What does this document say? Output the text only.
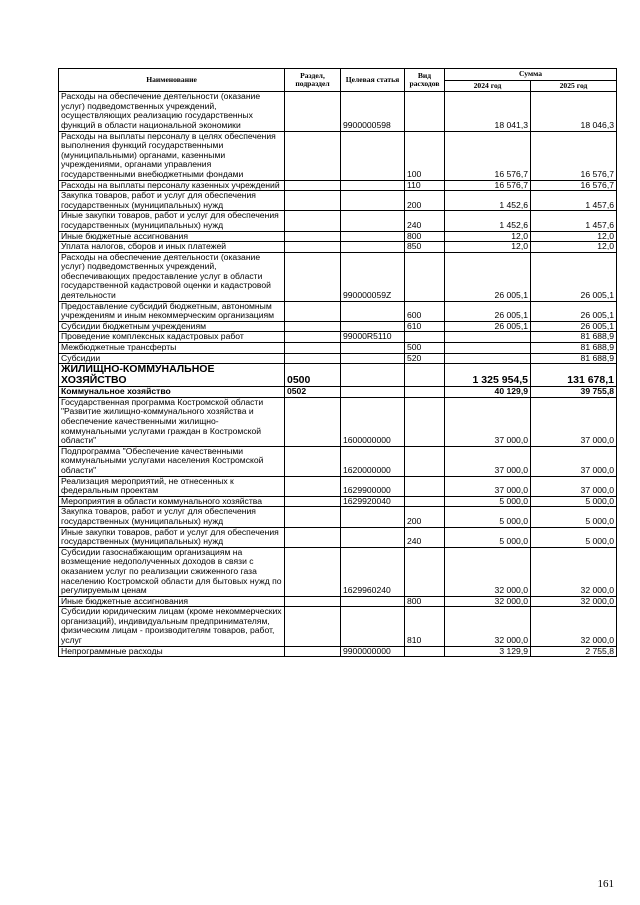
Наименование	Раздел, подраздел	Целевая статья	Вид расходов	Сумма	
				2024 год	2025 год
Расходы на обеспечение деятельности (оказание услуг) подведомственных учреждений, осуществляющих реализацию государственных функций в области национальной экономики		9900000598		18 041,3	18 046,3
Расходы на выплаты персоналу в целях обеспечения выполнения функций государственными (муниципальными) органами, казенными учреждениями, органами управления государственными внебюджетными фондами			100	16 576,7	16 576,7
Расходы на выплаты персоналу казенных учреждений			110	16 576,7	16 576,7
Закупка товаров, работ и услуг для обеспечения государственных (муниципальных) нужд			200	1 452,6	1 457,6
Иные закупки товаров, работ и услуг для обеспечения государственных (муниципальных) нужд			240	1 452,6	1 457,6
Иные бюджетные ассигнования			800	12,0	12,0
Уплата налогов, сборов и иных платежей			850	12,0	12,0
Расходы на обеспечение деятельности (оказание услуг) подведомственных учреждений, обеспечивающих предоставление услуг в области государственной кадастровой оценки и кадастровой деятельности		990000059Z		26 005,1	26 005,1
Предоставление субсидий бюджетным, автономным учреждениям и иным некоммерческим организациям			600	26 005,1	26 005,1
Субсидии бюджетным учреждениям			610	26 005,1	26 005,1
Проведение комплексных кадастровых работ		99000R5110			81 688,9
Межбюджетные трансферты			500		81 688,9
Субсидии			520		81 688,9
ЖИЛИЩНО-КОММУНАЛЬНОЕ ХОЗЯЙСТВО	0500			1 325 954,5	131 678,1
Коммунальное хозяйство	0502			40 129,9	39 755,8
Государственная программа Костромской области "Развитие жилищно-коммунального хозяйства и обеспечение качественными жилищно-коммунальными услугами граждан в Костромской области"		1600000000		37 000,0	37 000,0
Подпрограмма "Обеспечение качественными коммунальными услугами населения Костромской области"		1620000000		37 000,0	37 000,0
Реализация мероприятий, не отнесенных к федеральным проектам		1629900000		37 000,0	37 000,0
Мероприятия в области коммунального хозяйства		1629920040		5 000,0	5 000,0
Закупка товаров, работ и услуг для обеспечения государственных (муниципальных) нужд			200	5 000,0	5 000,0
Иные закупки товаров, работ и услуг для обеспечения государственных (муниципальных) нужд			240	5 000,0	5 000,0
Субсидии газоснабжающим организациям на возмещение недополученных доходов в связи с оказанием услуг по реализации сжиженного газа населению Костромской области для бытовых нужд по регулируемым ценам		1629960240		32 000,0	32 000,0
Иные бюджетные ассигнования			800	32 000,0	32 000,0
Субсидии юридическим лицам (кроме некоммерческих организаций), индивидуальным предпринимателям, физическим лицам - производителям товаров, работ, услуг			810	32 000,0	32 000,0
Непрограммные расходы		9900000000		3 129,9	2 755,8
161
